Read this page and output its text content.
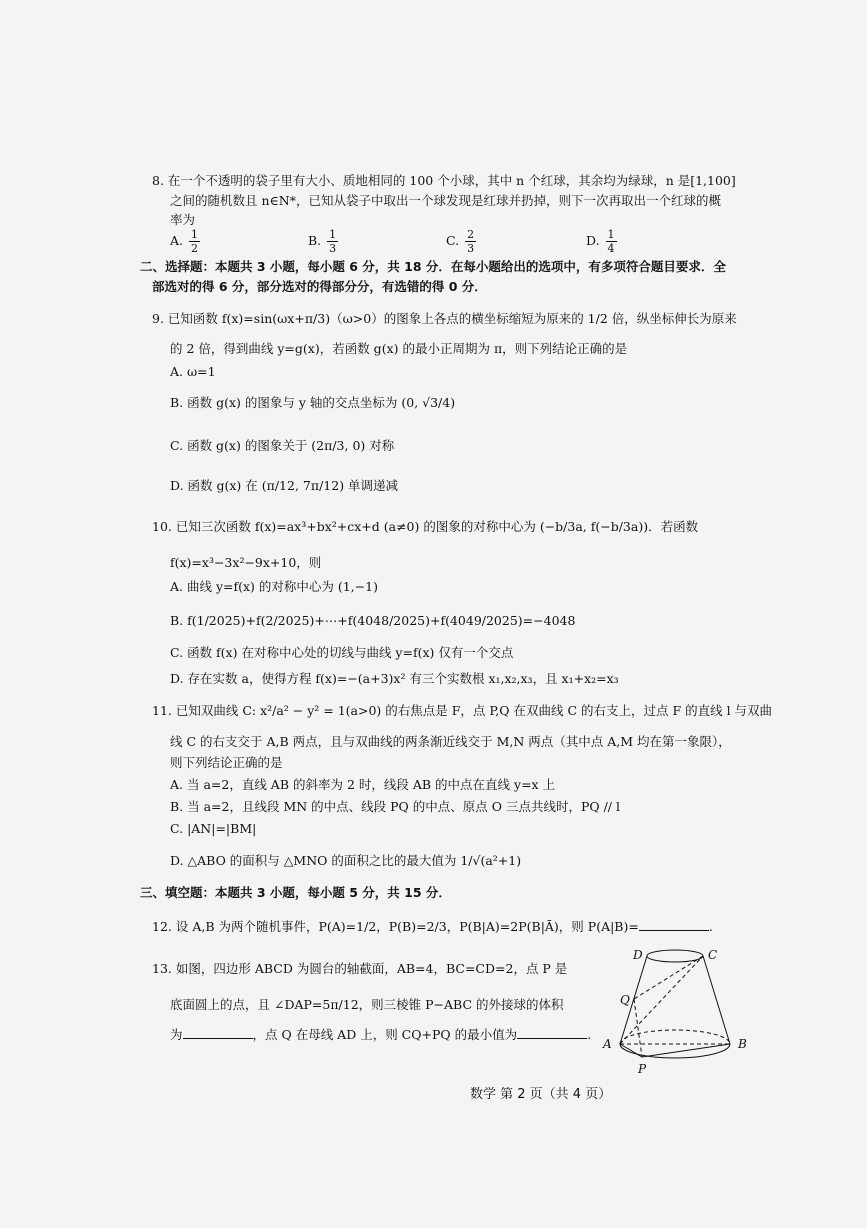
8. 在一个不透明的袋子里有大小、质地相同的 100 个小球，其中 n 个红球，其余均为绿球，n 是[1,100]
之间的随机数且 n∈N*，已知从袋子中取出一个球发现是红球并扔掉，则下一次再取出一个红球的概
率为
A. $\frac{1}{2}$	B. $\frac{1}{3}$	C. $\frac{2}{3}$	D. $\frac{1}{4}$
二、选择题：本题共 3 小题，每小题 6 分，共 18 分．在每小题给出的选项中，有多项符合题目要求．全
部选对的得 6 分，部分选对的得部分分，有选错的得 0 分．
9. 已知函数 f(x)=sin(ωx+π/3)（ω>0）的图象上各点的横坐标缩短为原来的 1/2 倍，纵坐标伸长为原来
的 2 倍，得到曲线 y=g(x)，若函数 g(x) 的最小正周期为 π，则下列结论正确的是
A. ω=1
B. 函数 g(x) 的图象与 y 轴的交点坐标为 (0, √3/4)
C. 函数 g(x) 的图象关于 (2π/3, 0) 对称
D. 函数 g(x) 在 (π/12, 7π/12) 单调递减
10. 已知三次函数 f(x)=ax³+bx²+cx+d (a≠0) 的图象的对称中心为 (−b/3a, f(−b/3a))．若函数
f(x)=x³−3x²−9x+10，则
A. 曲线 y=f(x) 的对称中心为 (1,−1)
B. f(1/2025)+f(2/2025)+⋯+f(4048/2025)+f(4049/2025)=−4048
C. 函数 f(x) 在对称中心处的切线与曲线 y=f(x) 仅有一个交点
D. 存在实数 a，使得方程 f(x)=−(a+3)x² 有三个实数根 x₁,x₂,x₃，且 x₁+x₂=x₃
11. 已知双曲线 C: x²/a² − y² = 1(a>0) 的右焦点是 F，点 P,Q 在双曲线 C 的右支上，过点 F 的直线 l 与双曲
线 C 的右支交于 A,B 两点，且与双曲线的两条渐近线交于 M,N 两点（其中点 A,M 均在第一象限），
则下列结论正确的是
A. 当 a=2，直线 AB 的斜率为 2 时，线段 AB 的中点在直线 y=x 上
B. 当 a=2，且线段 MN 的中点、线段 PQ 的中点、原点 O 三点共线时，PQ // l
C. |AN|=|BM|
D. △ABO 的面积与 △MNO 的面积之比的最大值为 1/√(a²+1)
三、填空题：本题共 3 小题，每小题 5 分，共 15 分．
12. 设 A,B 为两个随机事件，P(A)=1/2，P(B)=2/3，P(B|A)=2P(B|Ā)，则 P(A|B)=	.
13. 如图，四边形 ABCD 为圆台的轴截面，AB=4，BC=CD=2，点 P 是
底面圆上的点，且 ∠DAP=5π/12，则三棱锥 P−ABC 的外接球的体积
为	，点 Q 在母线 AD 上，则 CQ+PQ 的最小值为	.
D	C
Q
A	B
P
数学 第 2 页（共 4 页）
